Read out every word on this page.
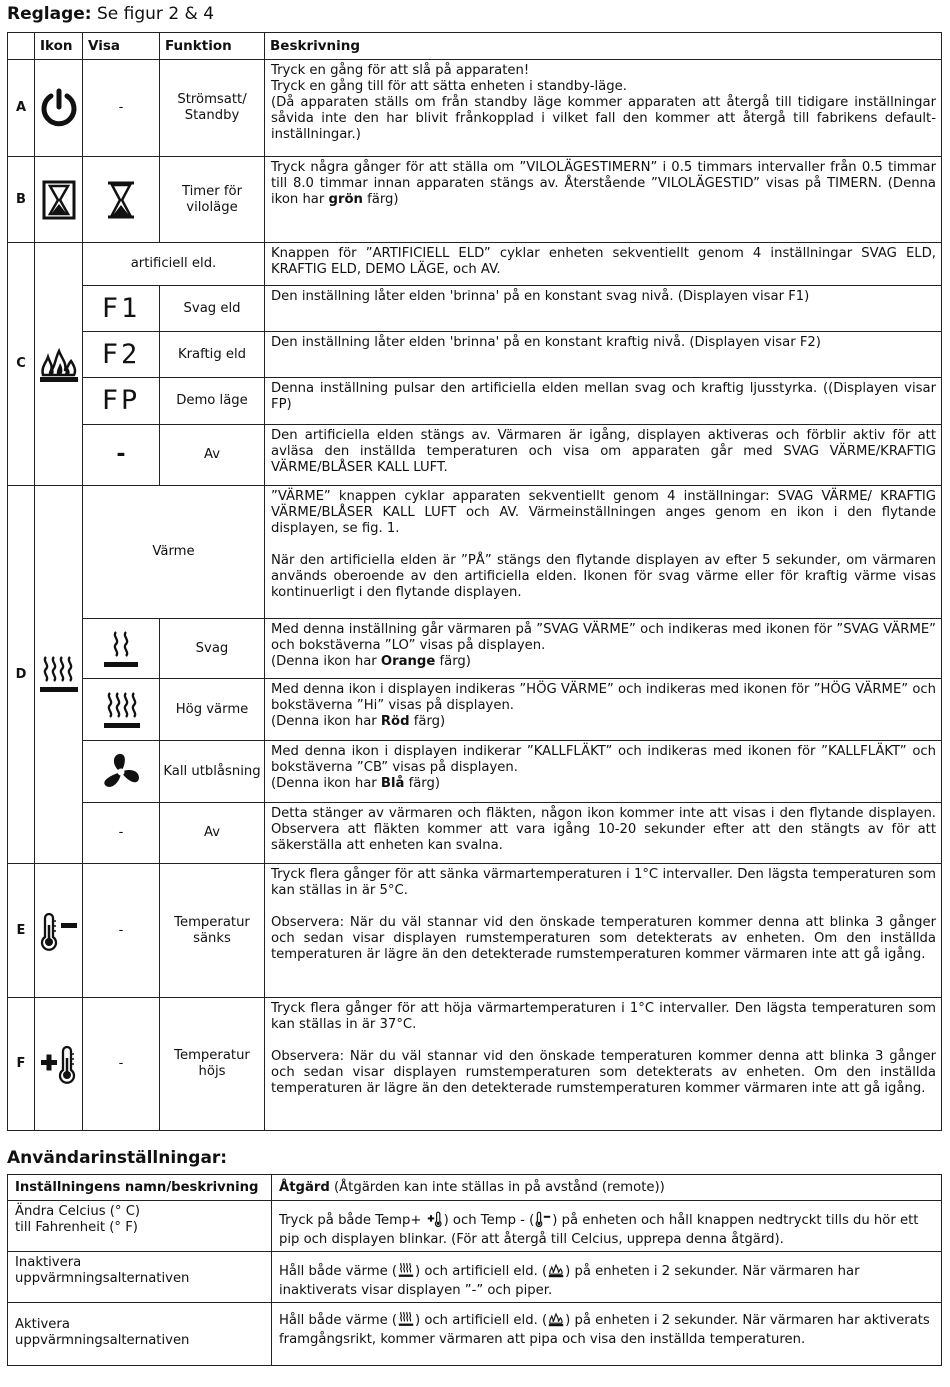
Reglage: Se figur 2 & 4
	Ikon	Visa	Funktion	Beskrivning
A		-	Strömsatt/ Standby	Tryck en gång för att slå på apparaten!
Tryck en gång till för att sätta enheten i standby-läge.
(Då apparaten ställs om från standby läge kommer apparaten att återgå till tidigare inställningar såvida inte den har blivit frånkopplad i vilket fall den kommer att återgå till fabrikens default-inställningar.)
B			Timer för viloläge	Tryck några gånger för att ställa om ”VILOLÄGESTIMERN” i 0.5 timmars intervaller från 0.5 timmar till 8.0 timmar innan apparaten stängs av. Återstående ”VILOLÄGESTID” visas på TIMERN. (Denna ikon har grön färg)
C		artificiell eld.		Knappen för ”ARTIFICIELL ELD” cyklar enheten sekventiellt genom 4 inställningar SVAG ELD, KRAFTIG ELD, DEMO LÄGE, och AV.
		F1	Svag eld	Den inställning låter elden 'brinna' på en konstant svag nivå. (Displayen visar F1)
		F2	Kraftig eld	Den inställning låter elden 'brinna' på en konstant kraftig nivå. (Displayen visar F2)
		FP	Demo läge	Denna inställning pulsar den artificiella elden mellan svag och kraftig ljusstyrka. ((Displayen visar FP)
		-	Av	Den artificiella elden stängs av. Värmaren är igång, displayen aktiveras och förblir aktiv för att avläsa den inställda temperaturen och visa om apparaten går med SVAG VÄRME/KRAFTIG VÄRME/BLÅSER KALL LUFT.
D		Värme		”VÄRME” knappen cyklar apparaten sekventiellt genom 4 inställningar: SVAG VÄRME/ KRAFTIG VÄRME/BLÅSER KALL LUFT och AV. Värmeinställningen anges genom en ikon i den flytande displayen, se fig. 1.

När den artificiella elden är ”PÅ” stängs den flytande displayen av efter 5 sekunder, om värmaren används oberoende av den artificiella elden. Ikonen för svag värme eller för kraftig värme visas kontinuerligt i den flytande displayen.

	Svag	Med denna inställning går värmaren på ”SVAG VÄRME” och indikeras med ikonen för ”SVAG VÄRME” och bokstäverna ”LO” visas på displayen.
(Denna ikon har Orange färg)

	Hög värme	Med denna ikon i displayen indikeras ”HÖG VÄRME” och indikeras med ikonen för ”HÖG VÄRME” och bokstäverna ”Hi” visas på displayen.
(Denna ikon har Röd färg)

	Kall utblåsning	Med denna ikon i displayen indikerar ”KALLFLÄKT” och indikeras med ikonen för ”KALLFLÄKT” och bokstäverna ”CB” visas på displayen.
(Denna ikon har Blå färg)
		-	Av	Detta stänger av värmaren och fläkten, någon ikon kommer inte att visas i den flytande displayen. Observera att fläkten kommer att vara igång 10-20 sekunder efter att den stängts av för att säkerställa att enheten kan svalna.
E		-	Temperatur sänks	Tryck flera gånger för att sänka värmartemperaturen i 1°C intervaller. Den lägsta temperaturen som kan ställas in är 5°C.

Observera: När du väl stannar vid den önskade temperaturen kommer denna att blinka 3 gånger och sedan visar displayen rumstemperaturen som detekterats av enheten. Om den inställda temperaturen är lägre än den detekterade rumstemperaturen kommer värmaren inte att gå igång.

F		-	Temperatur höjs	Tryck flera gånger för att höja värmartemperaturen i 1°C intervaller. Den lägsta temperaturen som kan ställas in är 37°C.

Observera: När du väl stannar vid den önskade temperaturen kommer denna att blinka 3 gånger och sedan visar displayen rumstemperaturen som detekterats av enheten. Om den inställda temperaturen är lägre än den detekterade rumstemperaturen kommer värmaren inte att gå igång.

Användarinställningar:
Inställningens namn/beskrivning	Åtgärd (Åtgärden kan inte ställas in på avstånd (remote))
Ändra Celcius (° C)
till Fahrenheit (° F)	Tryck på både Temp+ ) och Temp - ( ) på enheten och håll knappen nedtryckt tills du hör ett pip och displayen blinkar. (För att återgå till Celcius, upprepa denna åtgärd).
Inaktivera
uppvärmningsalternativen	Håll både värme ( ) och artificiell eld. ( ) på enheten i 2 sekunder. När värmaren har inaktiverats visar displayen ”-” och piper.
Aktivera
uppvärmningsalternativen	Håll både värme ( ) och artificiell eld. ( ) på enheten i 2 sekunder. När värmaren har aktiverats framgångsrikt, kommer värmaren att pipa och visa den inställda temperaturen.
